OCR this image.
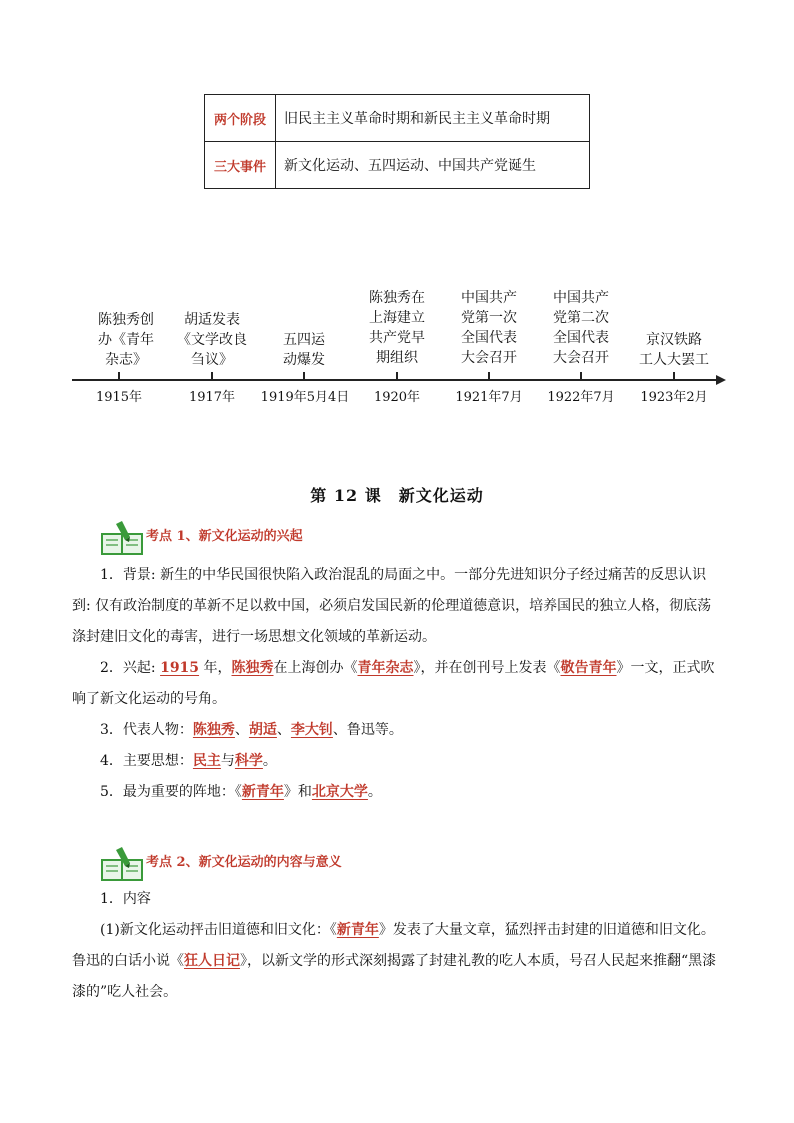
两个阶段	旧民主主义革命时期和新民主主义革命时期
三大事件	新文化运动、五四运动、中国共产党诞生
陈独秀创
办《青年
杂志》
胡适发表
《文学改良
刍议》
五四运
动爆发
陈独秀在
上海建立
共产党早
期组织
中国共产
党第一次
全国代表
大会召开
中国共产
党第二次
全国代表
大会召开
京汉铁路
工人大罢工
1915年	1917年	1919年5月4日	1920年	1921年7月	1922年7月	1923年2月
第 12 课　新文化运动
考点 1、新文化运动的兴起

1．背景: 新生的中华民国很快陷入政治混乱的局面之中。一部分先进知识分子经过痛苦的反思认识到: 仅有政治制度的革新不足以救中国，必须启发国民新的伦理道德意识，培养国民的独立人格，彻底荡涤封建旧文化的毒害，进行一场思想文化领域的革新运动。

2．兴起: 1915 年，陈独秀在上海创办《青年杂志》，并在创刊号上发表《敬告青年》一文，正式吹响了新文化运动的号角。

3．代表人物：陈独秀、胡适、李大钊、鲁迅等。

4．主要思想：民主与科学。

5．最为重要的阵地：《新青年》和北京大学。

考点 2、新文化运动的内容与意义

1．内容

(1)新文化运动抨击旧道德和旧文化：《新青年》发表了大量文章，猛烈抨击封建的旧道德和旧文化。鲁迅的白话小说《狂人日记》，以新文学的形式深刻揭露了封建礼教的吃人本质，号召人民起来推翻“黑漆漆的”吃人社会。
